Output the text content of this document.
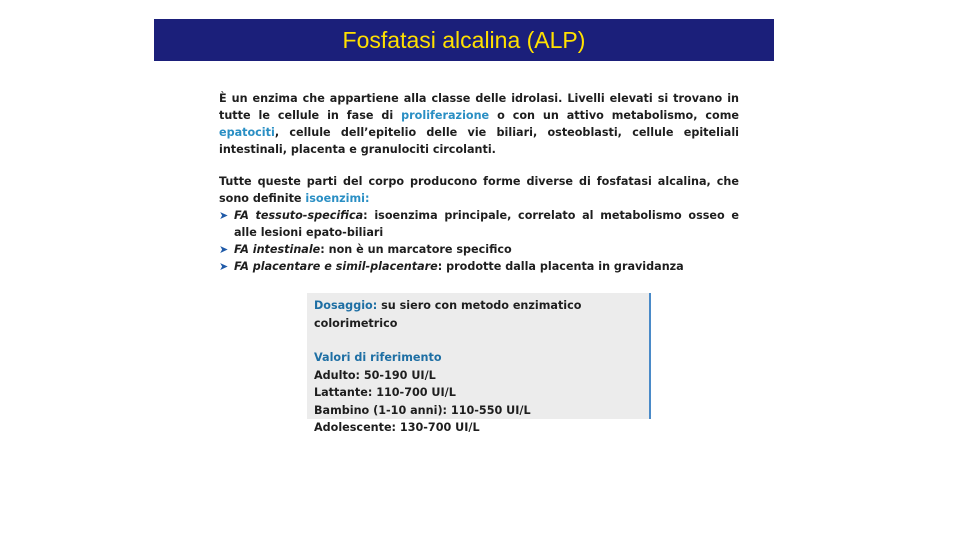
Fosfatasi alcalina (ALP)

È un enzima che appartiene alla classe delle idrolasi. Livelli elevati si trovano in tutte le cellule in fase di proliferazione o con un attivo metabolismo, come epatociti, cellule dell’epitelio delle vie biliari, osteoblasti, cellule epiteliali intestinali, placenta e granulociti circolanti.

Tutte queste parti del corpo producono forme diverse di fosfatasi alcalina, che sono definite isoenzimi:

➤ FA tessuto-specifica: isoenzima principale, correlato al metabolismo osseo e alle lesioni epato-biliari
➤ FA intestinale: non è un marcatore specifico
➤ FA placentare e simil-placentare: prodotte dalla placenta in gravidanza
Dosaggio: su siero con metodo enzimatico colorimetrico
Valori di riferimento
Adulto: 50-190 UI/L
Lattante: 110-700 UI/L
Bambino (1-10 anni): 110-550 UI/L
Adolescente: 130-700 UI/L
